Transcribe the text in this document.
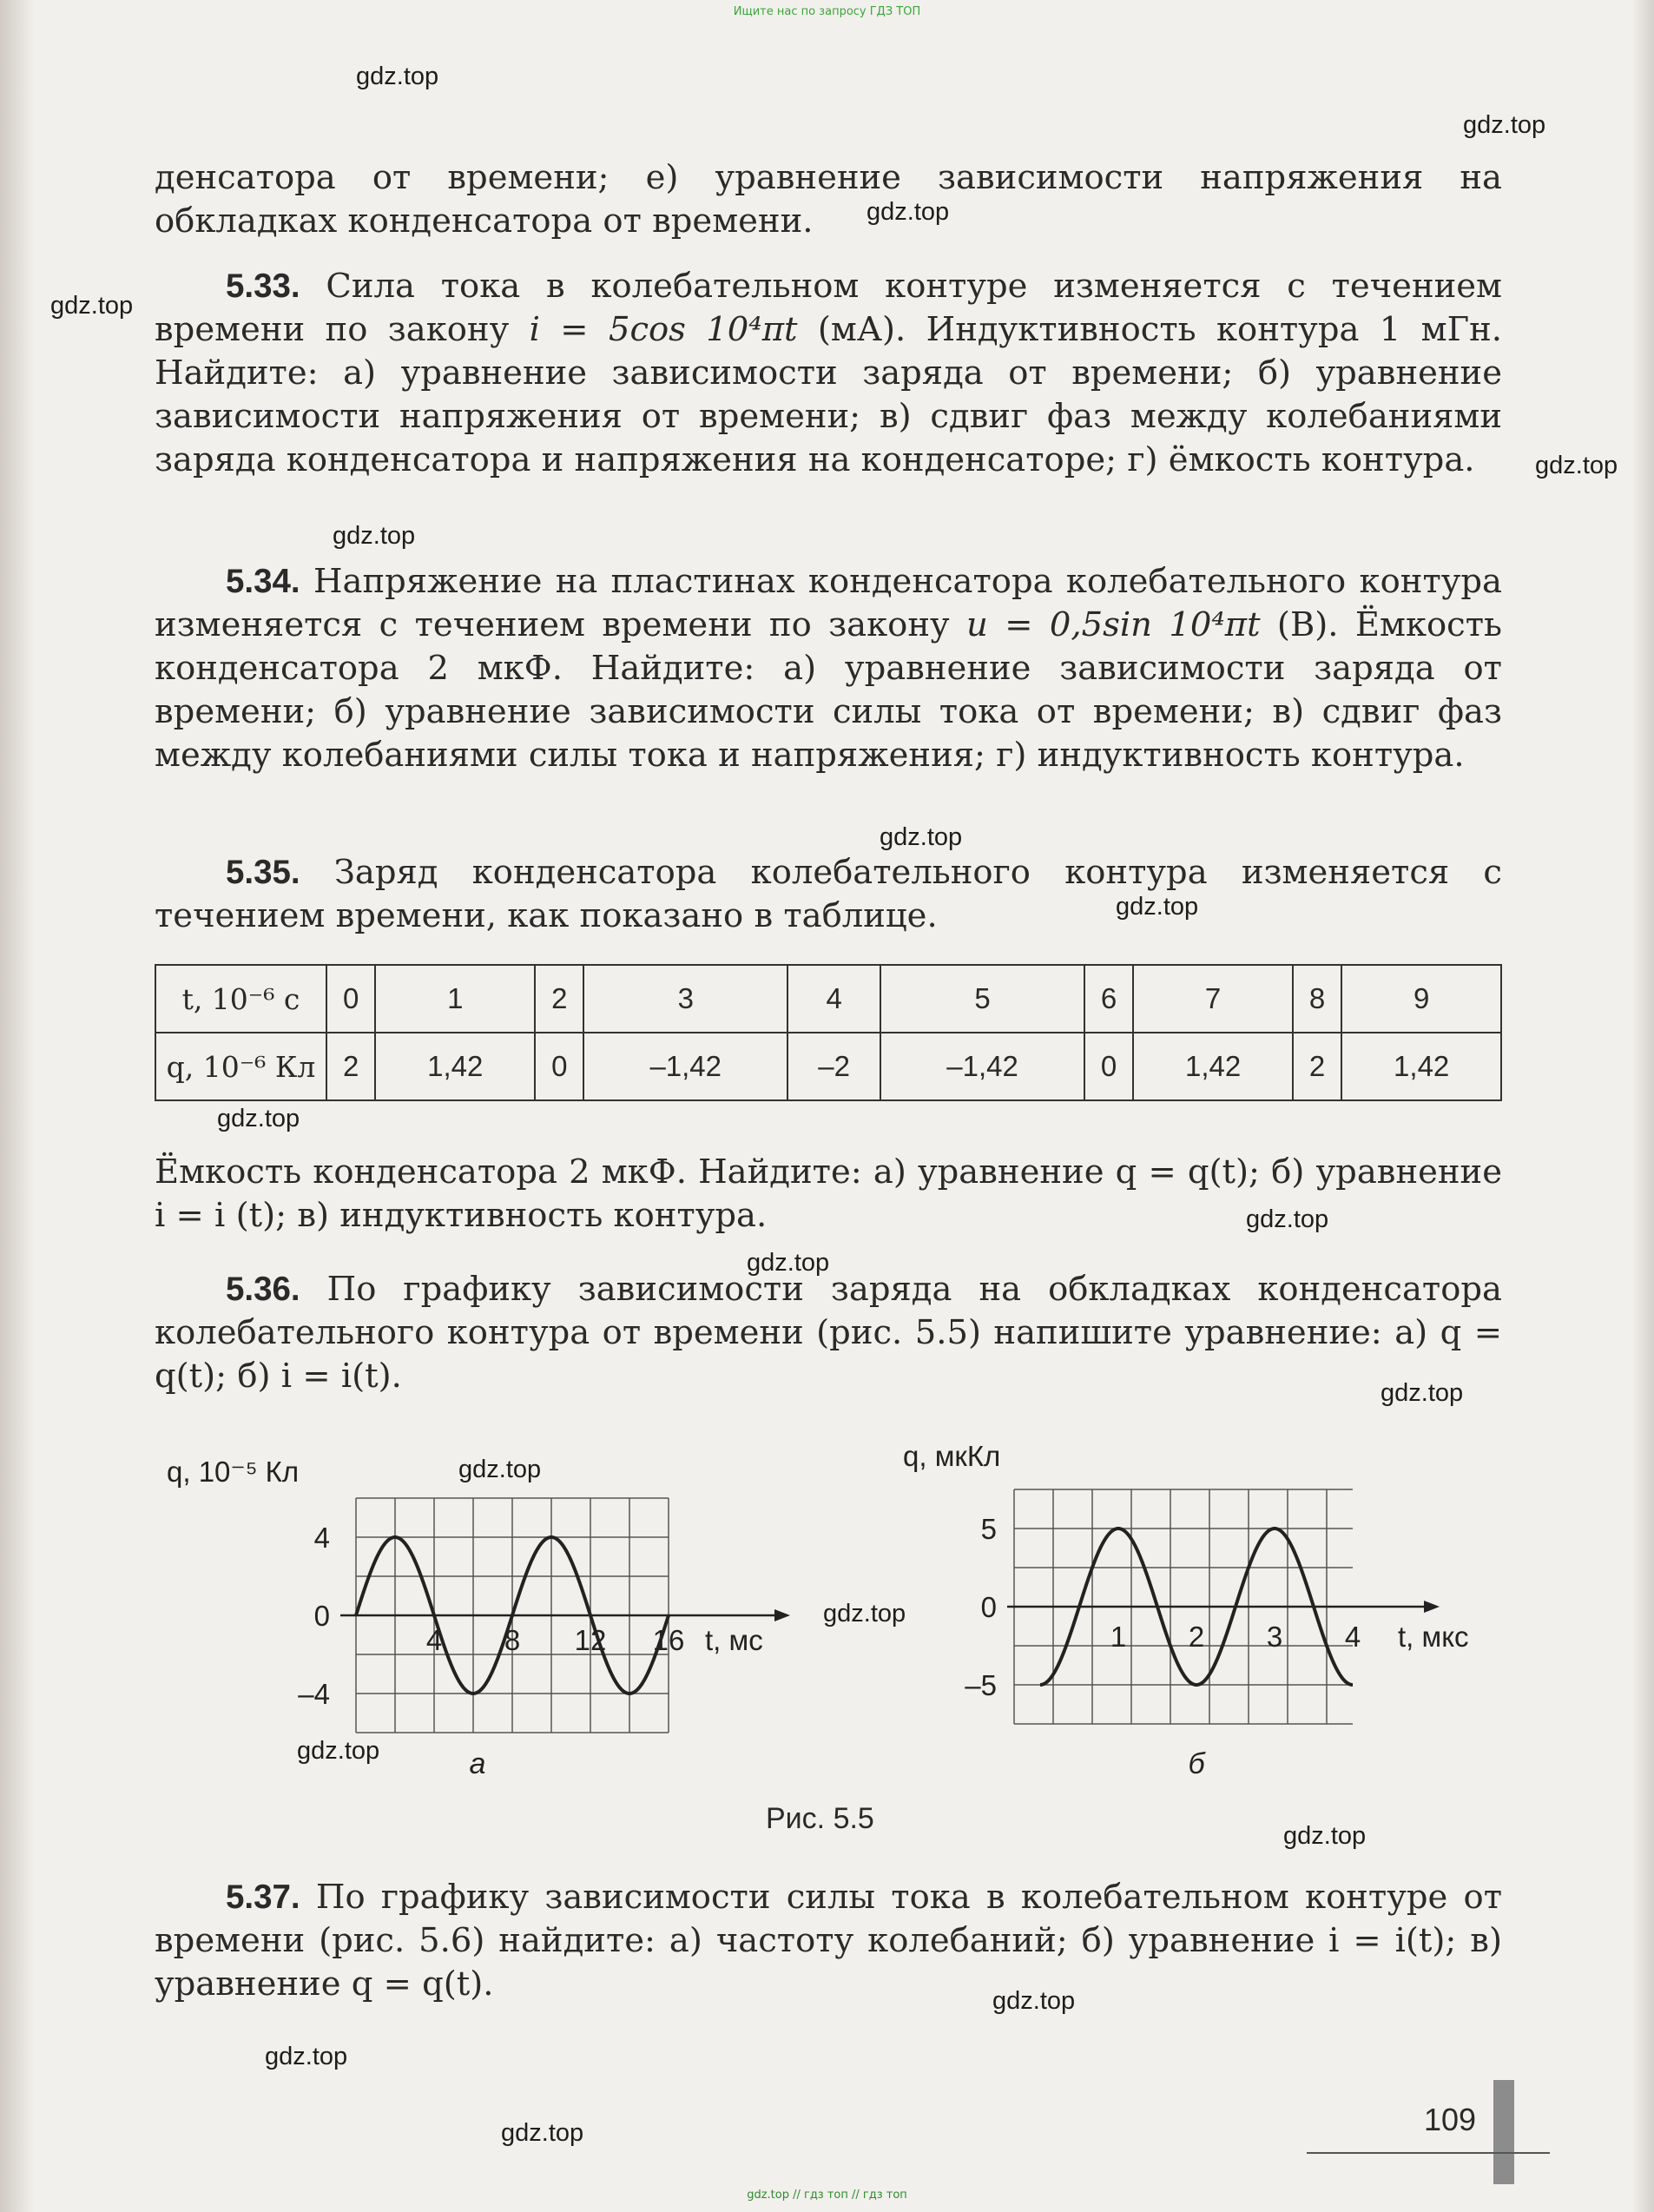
Ищите нас по запросу ГДЗ ТОП
gdz.top
gdz.top
gdz.top
gdz.top
gdz.top
gdz.top
gdz.top
gdz.top
gdz.top
gdz.top
gdz.top
gdz.top
gdz.top
gdz.top
gdz.top
gdz.top
gdz.top
gdz.top
gdz.top
денсатора от времени; е) уравнение зависимости напряжения на обкладках конденсатора от времени.
5.33. Сила тока в колебательном контуре изменяется с течением времени по закону i = 5cos 10⁴πt (мА). Индуктивность контура 1 мГн. Найдите: а) уравнение зависимости заряда от времени; б) уравнение зависимости напряжения от времени; в) сдвиг фаз между колебаниями заряда конденсатора и напряжения на конденсаторе; г) ёмкость контура.
5.34. Напряжение на пластинах конденсатора колебательного контура изменяется с течением времени по закону u = 0,5sin 10⁴πt (В). Ёмкость конденсатора 2 мкФ. Найдите: а) уравнение зависимости заряда от времени; б) уравнение зависимости силы тока от времени; в) сдвиг фаз между колебаниями силы тока и напряжения; г) индуктивность контура.
5.35. Заряд конденсатора колебательного контура изменяется с течением времени, как показано в таблице.
t, 10⁻⁶ с	0	1	2	3	4	5	6	7	8	9
q, 10⁻⁶ Кл	2	1,42	0	–1,42	–2	–1,42	0	1,42	2	1,42
Ёмкость конденсатора 2 мкФ. Найдите: а) уравнение q = q(t); б) уравнение i = i (t); в) индуктивность контура.
5.36. По графику зависимости заряда на обкладках конденсатора колебательного контура от времени (рис. 5.5) напишите уравнение: а) q = q(t); б) i = i(t).
q, 10⁻⁵ Кл
t, мс
4
0
–4
4 8 12 16
а
q, мкКл
t, мкс
5
0
–5
1 2 3 4
б
Рис. 5.5
5.37. По графику зависимости силы тока в колебательном контуре от времени (рис. 5.6) найдите: а) частоту колебаний; б) уравнение i = i(t); в) уравнение q = q(t).
109
gdz.top // гдз топ // гдз топ
